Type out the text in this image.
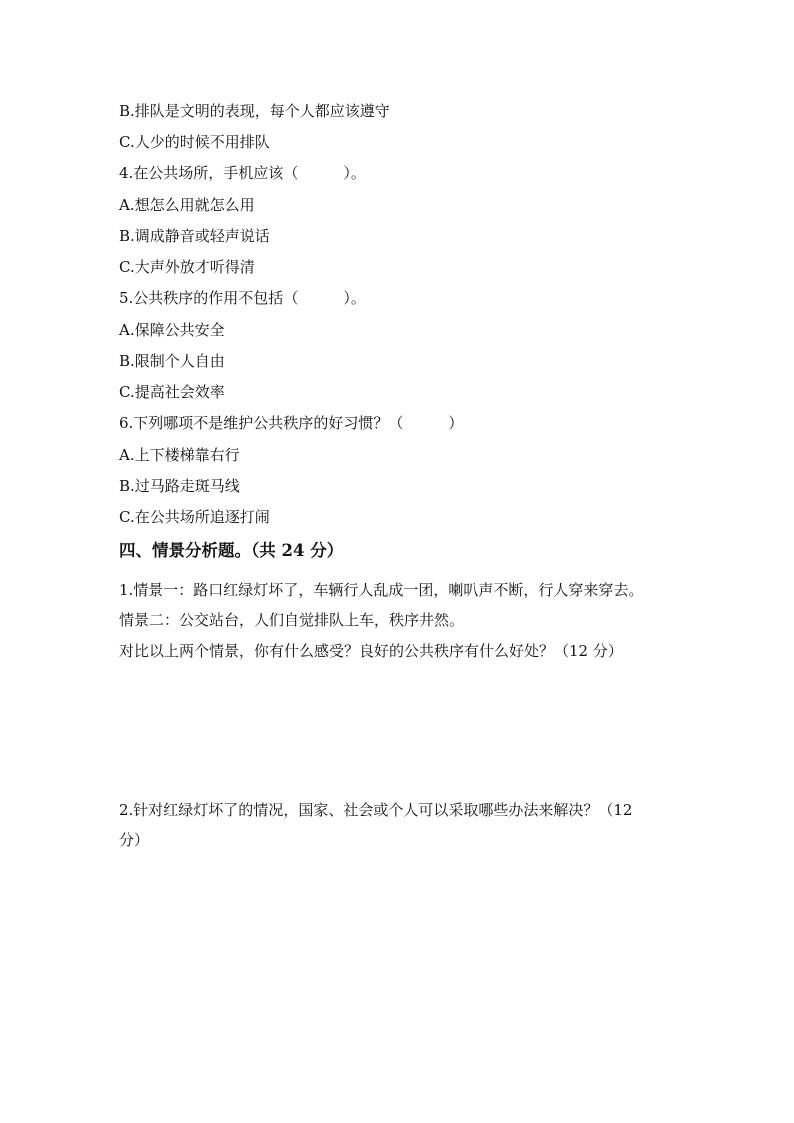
B.排队是文明的表现，每个人都应该遵守
C.人少的时候不用排队
4.在公共场所，手机应该（　　　）。
A.想怎么用就怎么用
B.调成静音或轻声说话
C.大声外放才听得清
5.公共秩序的作用不包括（　　　）。
A.保障公共安全
B.限制个人自由
C.提高社会效率
6.下列哪项不是维护公共秩序的好习惯？（　　　）
A.上下楼梯靠右行
B.过马路走斑马线
C.在公共场所追逐打闹
四、情景分析题。（共 24 分）
1.情景一：路口红绿灯坏了，车辆行人乱成一团，喇叭声不断，行人穿来穿去。
情景二：公交站台，人们自觉排队上车，秩序井然。
对比以上两个情景，你有什么感受？良好的公共秩序有什么好处？（12 分）
2.针对红绿灯坏了的情况，国家、社会或个人可以采取哪些办法来解决？（12
分）
